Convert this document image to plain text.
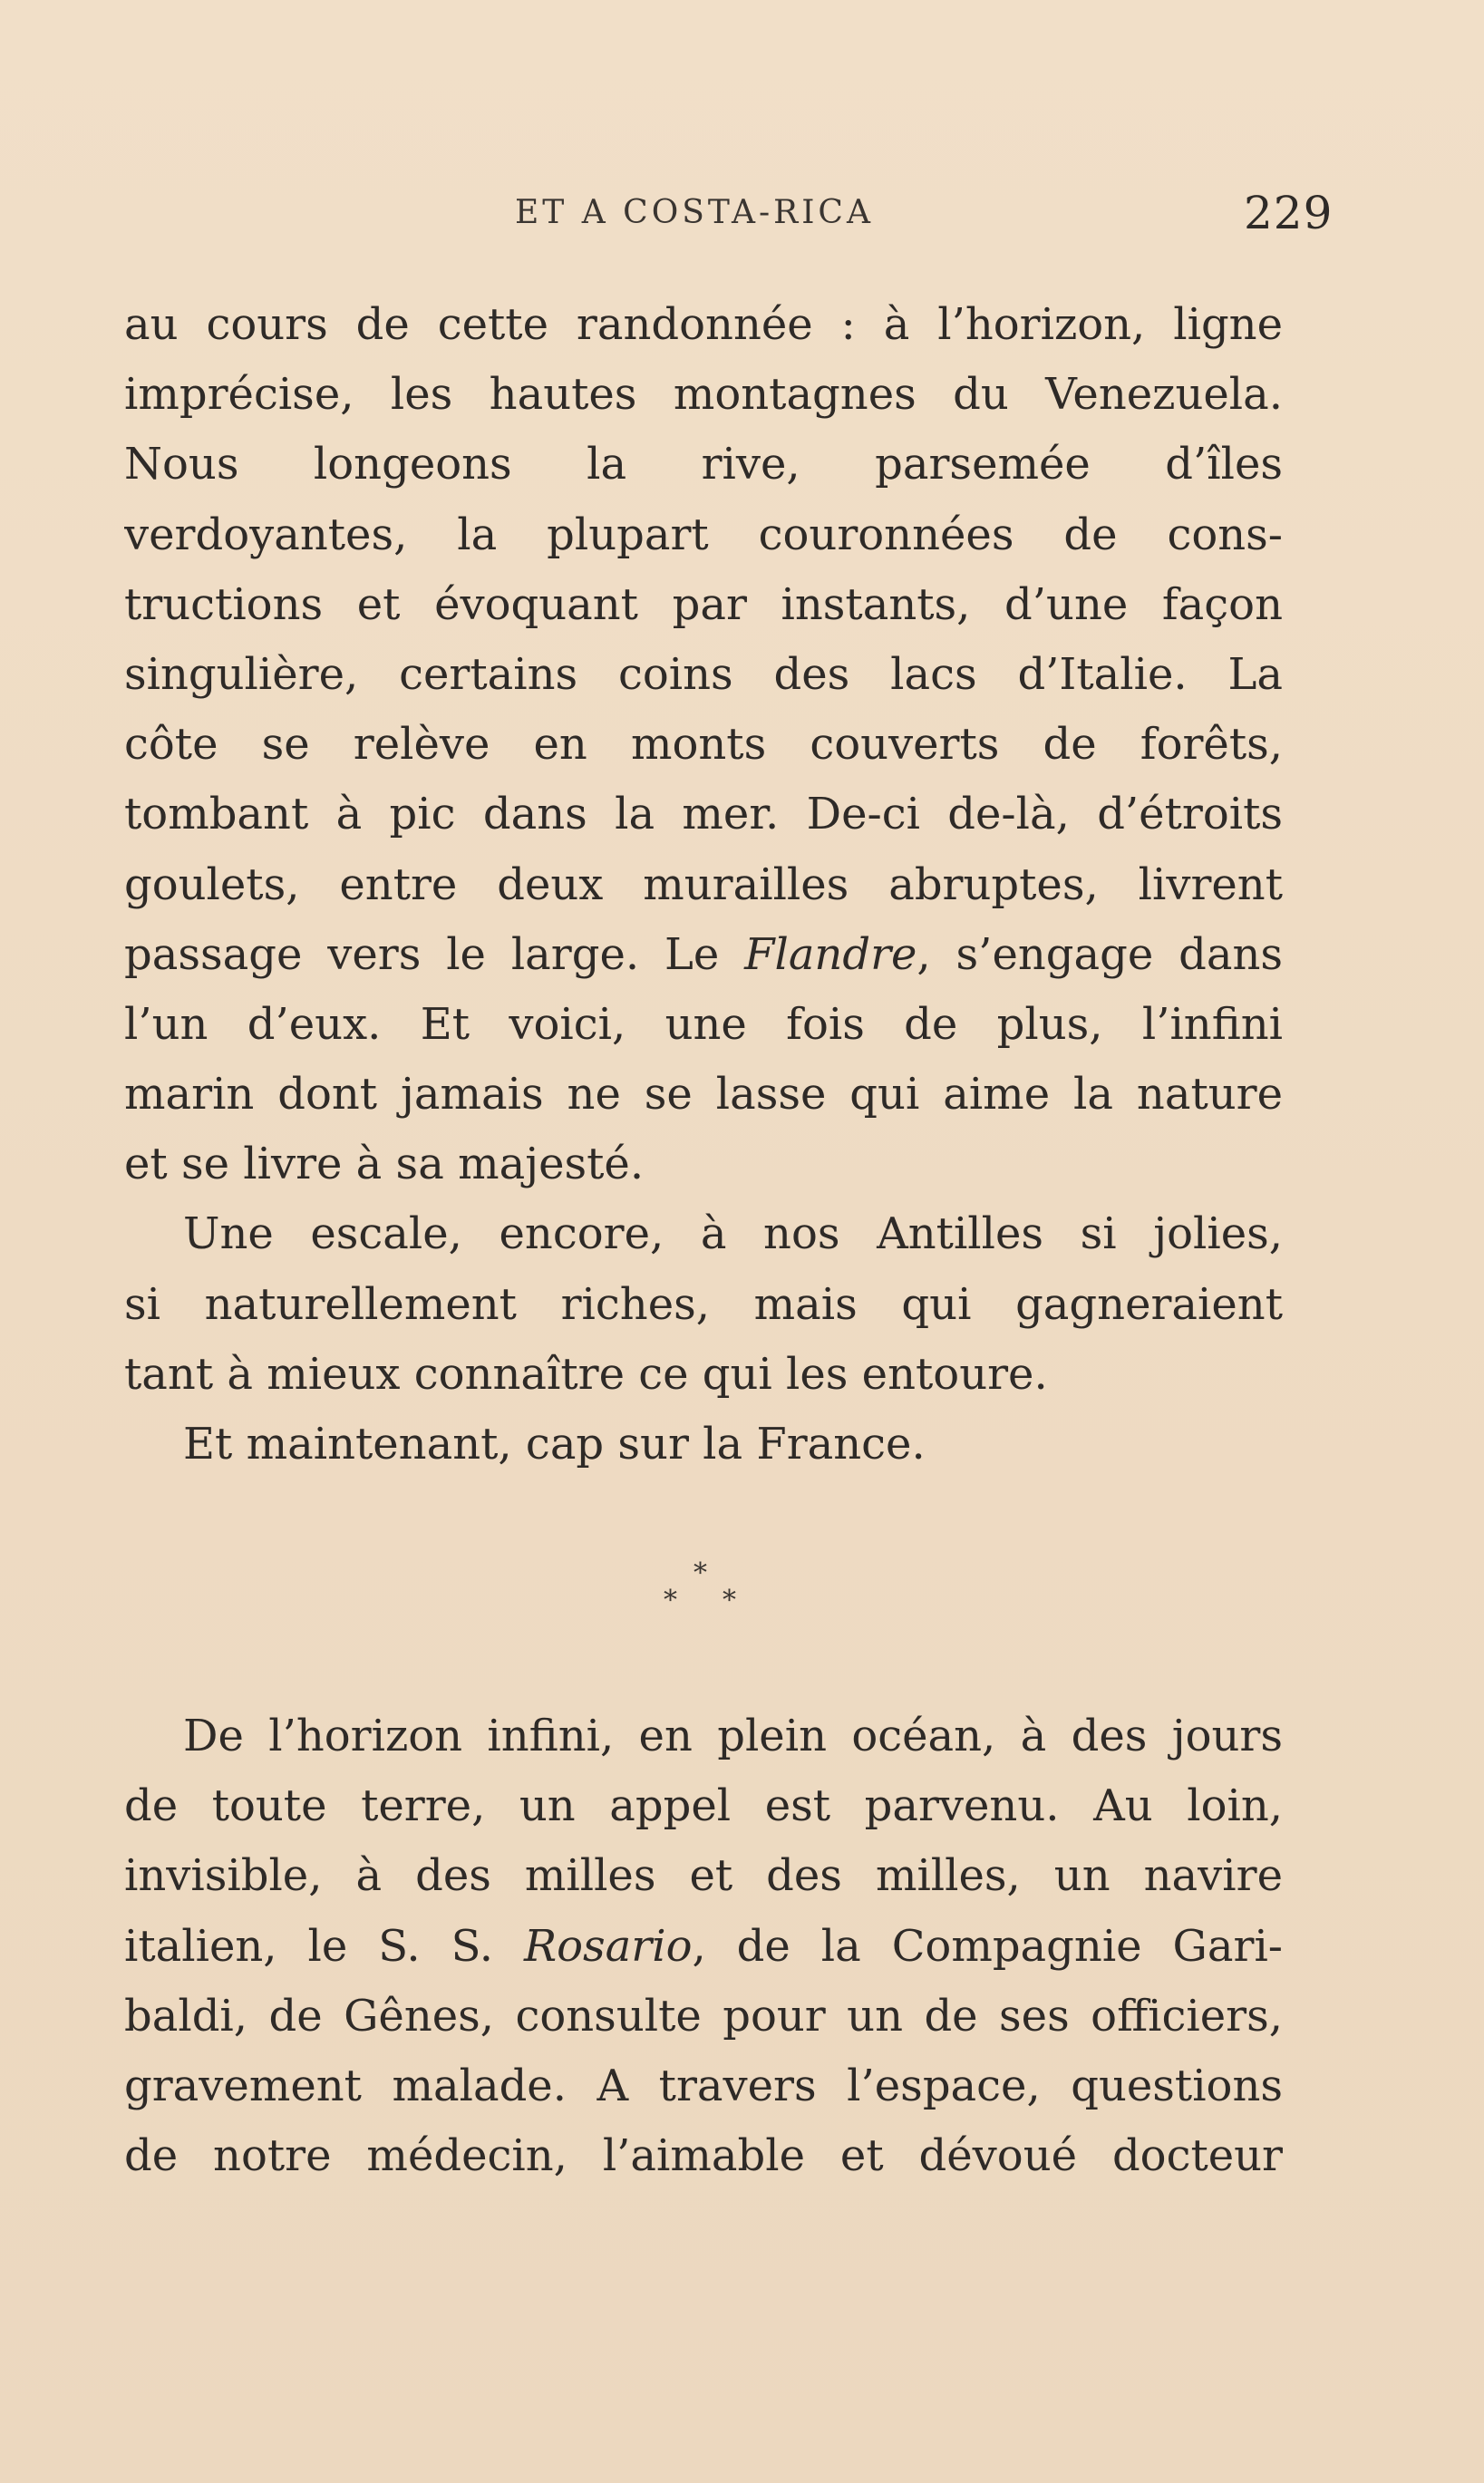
ET A COSTA-RICA	229
au cours de cette randonnée : à l’horizon, ligne
imprécise, les hautes montagnes du Venezuela.
Nous longeons la rive, parsemée d’îles
verdoyantes, la plupart couronnées de cons-
tructions et évoquant par instants, d’une façon
singulière, certains coins des lacs d’Italie. La
côte se relève en monts couverts de forêts,
tombant à pic dans la mer. De-ci de-là, d’étroits
goulets, entre deux murailles abruptes, livrent
passage vers le large. Le Flandre, s’engage dans
l’un d’eux. Et voici, une fois de plus, l’infini
marin dont jamais ne se lasse qui aime la nature
et se livre à sa majesté.
Une escale, encore, à nos Antilles si jolies,
si naturellement riches, mais qui gagneraient
tant à mieux connaître ce qui les entoure.
Et maintenant, cap sur la France.
*
* *
De l’horizon infini, en plein océan, à des jours
de toute terre, un appel est parvenu. Au loin,
invisible, à des milles et des milles, un navire
italien, le S. S. Rosario, de la Compagnie Gari-
baldi, de Gênes, consulte pour un de ses officiers,
gravement malade. A travers l’espace, questions
de notre médecin, l’aimable et dévoué docteur
